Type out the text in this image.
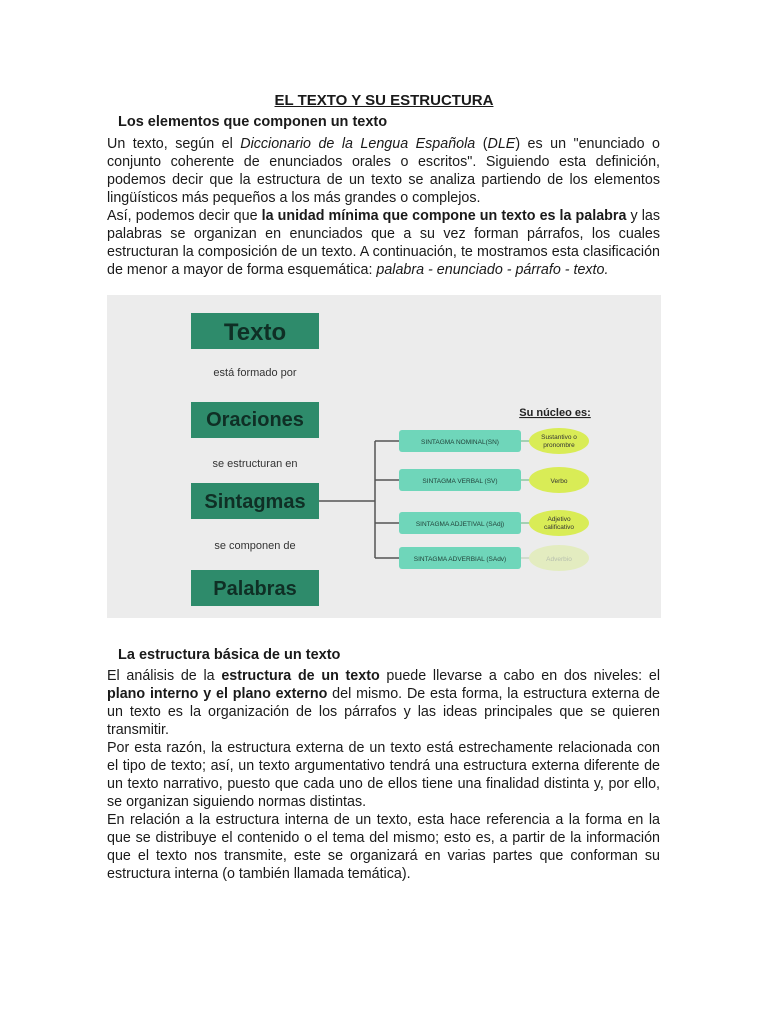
EL TEXTO Y SU ESTRUCTURA
Los elementos que componen un texto

Un texto, según el Diccionario de la Lengua Española (DLE) es un "enunciado o conjunto coherente de enunciados orales o escritos". Siguiendo esta definición, podemos decir que la estructura de un texto se analiza partiendo de los elementos lingüísticos más pequeños a los más grandes o complejos.

Así, podemos decir que la unidad mínima que compone un texto es la palabra y las palabras se organizan en enunciados que a su vez forman párrafos, los cuales estructuran la composición de un texto. A continuación, te mostramos esta clasificación de menor a mayor de forma esquemática: palabra - enunciado - párrafo - texto.

Texto
está formado por
Oraciones
se estructuran en
Sintagmas
se componen de
Palabras
Su núcleo es:
SINTAGMA NOMINAL(SN)
Sustantivo o
pronombre
SINTAGMA VERBAL (SV)	Verbo
SINTAGMA ADJETIVAL (SAdj)
Adjetivo
calificativo
SINTAGMA ADVERBIAL (SAdv)	Adverbio
La estructura básica de un texto

El análisis de la estructura de un texto puede llevarse a cabo en dos niveles: el plano interno y el plano externo del mismo. De esta forma, la estructura externa de un texto es la organización de los párrafos y las ideas principales que se quieren transmitir.

Por esta razón, la estructura externa de un texto está estrechamente relacionada con el tipo de texto; así, un texto argumentativo tendrá una estructura externa diferente de un texto narrativo, puesto que cada uno de ellos tiene una finalidad distinta y, por ello, se organizan siguiendo normas distintas.

En relación a la estructura interna de un texto, esta hace referencia a la forma en la que se distribuye el contenido o el tema del mismo; esto es, a partir de la información que el texto nos transmite, este se organizará en varias partes que conforman su estructura interna (o también llamada temática).
